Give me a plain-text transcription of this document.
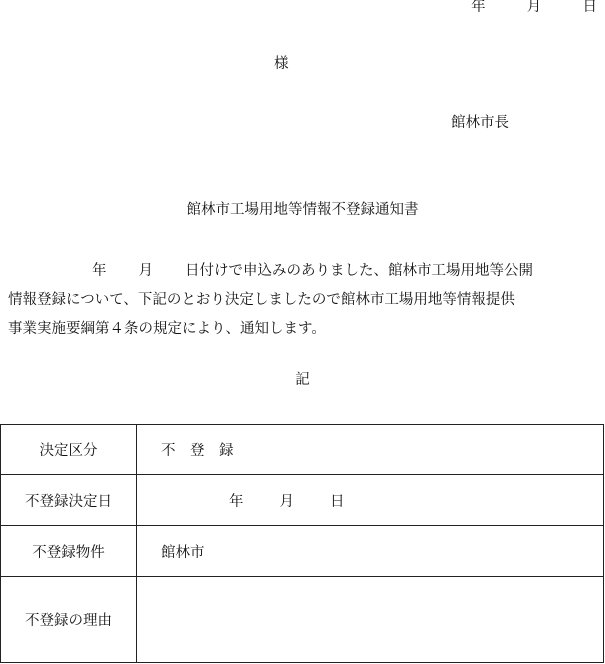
年	月	日
様
館林市長
館林市工場用地等情報不登録通知書
年 月 日付けで申込みのありました、館林市工場用地等公開
情報登録について、下記のとおり決定しましたので館林市工場用地等情報提供
事業実施要綱第４条の規定により、通知します。
記
決定区分	不　登　録
不登録決定日	年 月 日
不登録物件	館林市
不登録の理由	
